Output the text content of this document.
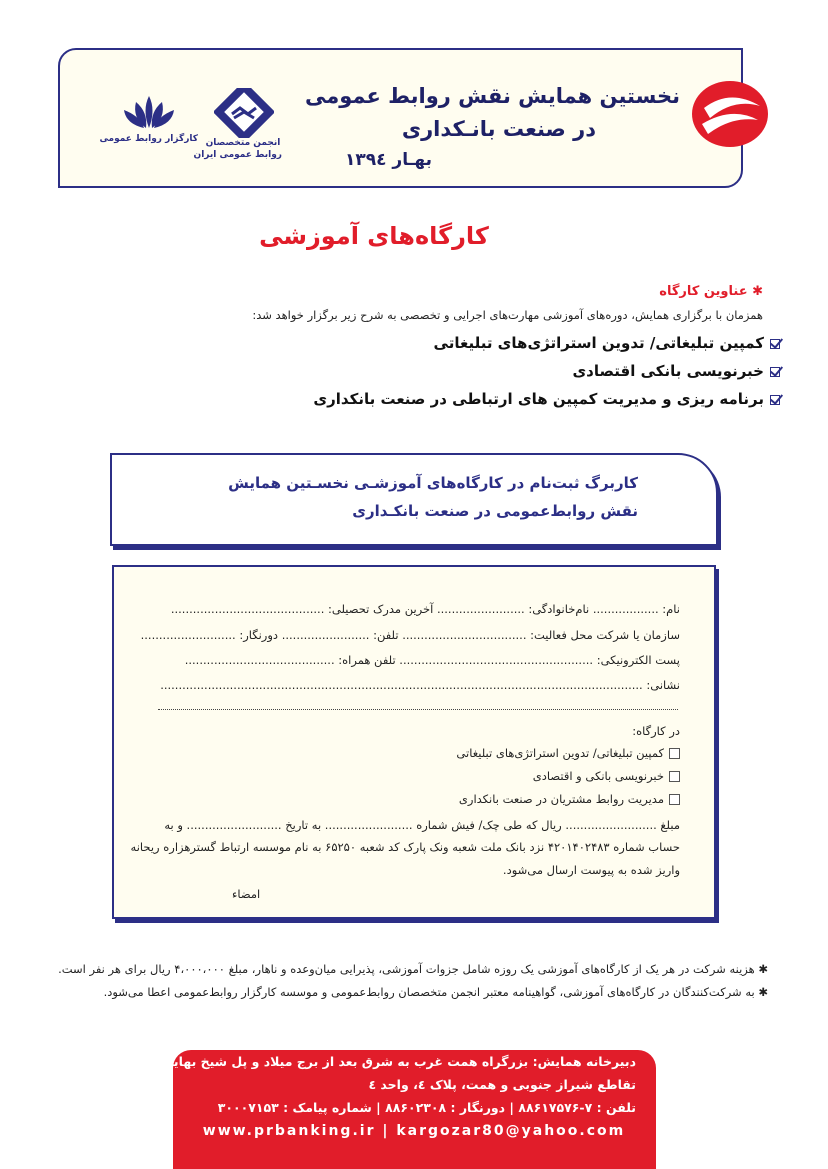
نخستین همایش نقش روابط عمومی
در صنعت بانـکداری
بهـار ۱۳۹٤
انجمن متخصصان
روابط عمومی ایران
کارگزار روابط عمومی
کارگاه‌های آموزشی
✱ عناوین کارگاه
همزمان با برگزاری همایش، دوره‌های آموزشی مهارت‌های اجرایی و تخصصی به شرح زیر برگزار خواهد شد:
کمپین تبلیغاتی/ تدوین استراتژی‌های تبلیغاتی
خبرنویسی بانکی اقتصادی
برنامه ریزی و مدیریت کمپین های ارتباطی در صنعت بانکداری
کاربرگ ثبت‌نام در کارگاه‌های آموزشـی نخسـتین همایش
نقش روابط‌عمومی در صنعت بانکـداری
نام: .................. نام‌خانوادگی: ........................ آخرین مدرک تحصیلی: ..........................................
سازمان یا شرکت محل فعالیت: .................................. تلفن: ........................ دورنگار: ..........................
پست الکترونیکی: ..................................................... تلفن همراه: .........................................
نشانی: ....................................................................................................................................
در کارگاه:
کمپین تبلیغاتی/ تدوین استراتژی‌های تبلیغاتی
خبرنویسی بانکی و اقتصادی
مدیریت روابط مشتریان در صنعت بانکداری
مبلغ ......................... ریال که طی چک/ فیش شماره ........................ به تاریخ .......................... و به
حساب شماره ۴۲۰۱۴۰۲۴۸۳ نزد بانک ملت شعبه ونک پارک کد شعبه ۶۵۲۵۰ به نام موسسه ارتباط گسترهزاره ریحانه
واریز شده به پیوست ارسال می‌شود.
امضاء
✱ هزینه شرکت در هر یک از کارگاه‌های آموزشی یک روزه شامل جزوات آموزشی، پذیرایی میان‌وعده و ناهار، مبلغ ۴،۰۰۰،۰۰۰ ریال برای هر نفر است.
✱ به شرکت‌کنندگان در کارگاه‌های آموزشی، گواهینامه معتبر انجمن متخصصان روابط‌عمومی و موسسه کارگزار روابط‌عمومی اعطا می‌شود.
دبیرخانه همایش: بزرگراه همت غرب به شرق بعد از برج میلاد و پل شیخ بهایی،
تقاطع شیراز جنوبی و همت، پلاک ٤، واحد ٤
تلفن : ۷-۸۸۶۱۷۵۷۶ | دورنگار : ۸۸۶۰۲۳۰۸ | شماره پیامک : ۳۰۰۰۷۱۵۳
www.prbanking.ir | kargozar80@yahoo.com
